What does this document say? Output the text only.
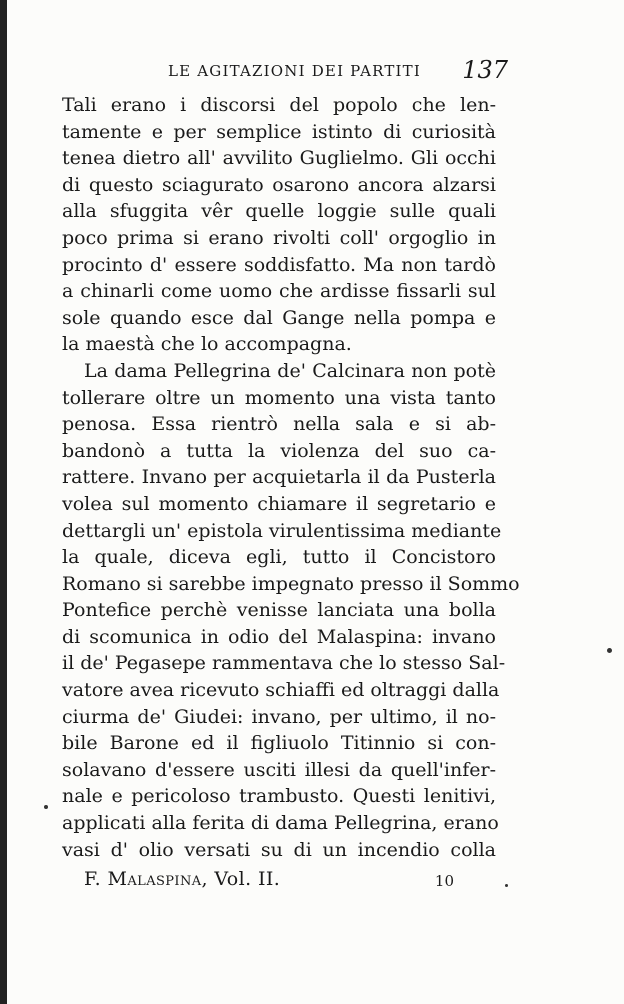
LE AGITAZIONI DEI PARTITI 137
Tali erano i discorsi del popolo che len-
tamente e per semplice istinto di curiosità
tenea dietro all' avvilito Guglielmo. Gli occhi
di questo sciagurato osarono ancora alzarsi
alla sfuggita vêr quelle loggie sulle quali
poco prima si erano rivolti coll' orgoglio in
procinto d' essere soddisfatto. Ma non tardò
a chinarli come uomo che ardisse fissarli sul
sole quando esce dal Gange nella pompa e
la maestà che lo accompagna.
La dama Pellegrina de' Calcinara non potè
tollerare oltre un momento una vista tanto
penosa. Essa rientrò nella sala e si ab-
bandonò a tutta la violenza del suo ca-
rattere. Invano per acquietarla il da Pusterla
volea sul momento chiamare il segretario e
dettargli un' epistola virulentissima mediante
la quale, diceva egli, tutto il Concistoro
Romano si sarebbe impegnato presso il Sommo
Pontefice perchè venisse lanciata una bolla
di scomunica in odio del Malaspina: invano
il de' Pegasepe rammentava che lo stesso Sal-
vatore avea ricevuto schiaffi ed oltraggi dalla
ciurma de' Giudei: invano, per ultimo, il no-
bile Barone ed il figliuolo Titinnio si con-
solavano d'essere usciti illesi da quell'infer-
nale e pericoloso trambusto. Questi lenitivi,
applicati alla ferita di dama Pellegrina, erano
vasi d' olio versati su di un incendio colla
F. Malaspina, Vol. II.	10
